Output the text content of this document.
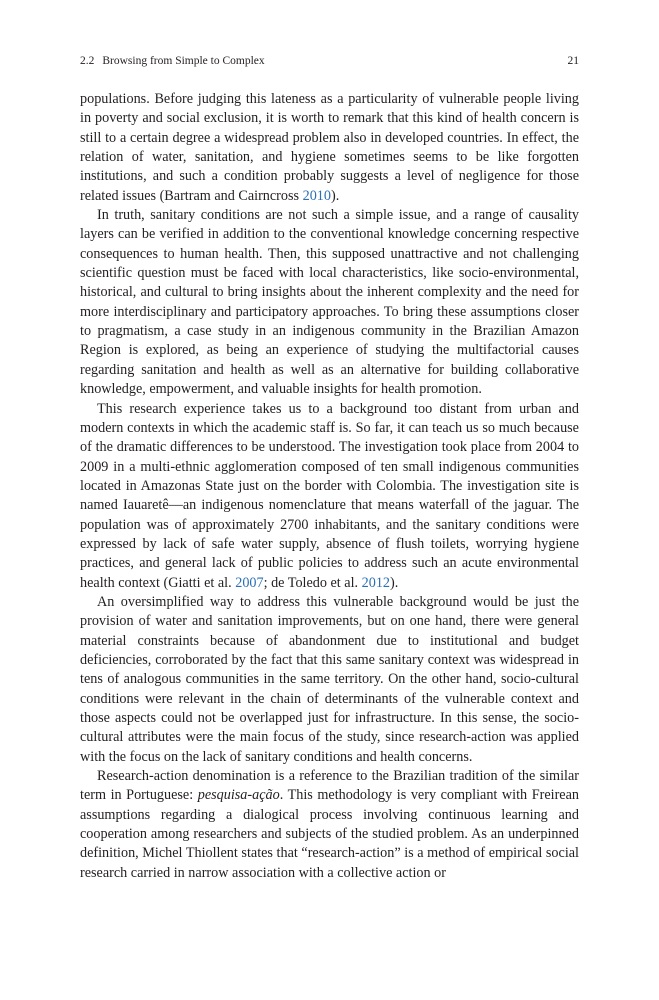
2.2 Browsing from Simple to Complex	21

populations. Before judging this lateness as a particularity of vulnerable people living in poverty and social exclusion, it is worth to remark that this kind of health concern is still to a certain degree a widespread problem also in developed countries. In effect, the relation of water, sanitation, and hygiene sometimes seems to be like forgotten institutions, and such a condition probably suggests a level of negligence for those related issues (Bartram and Cairncross 2010).

In truth, sanitary conditions are not such a simple issue, and a range of causality layers can be verified in addition to the conventional knowledge concerning respective consequences to human health. Then, this supposed unattractive and not challenging scientific question must be faced with local characteristics, like socio-environmental, historical, and cultural to bring insights about the inherent complexity and the need for more interdisciplinary and participatory approaches. To bring these assumptions closer to pragmatism, a case study in an indigenous community in the Brazilian Amazon Region is explored, as being an experience of studying the multifactorial causes regarding sanitation and health as well as an alternative for building collaborative knowledge, empowerment, and valuable insights for health promotion.

This research experience takes us to a background too distant from urban and modern contexts in which the academic staff is. So far, it can teach us so much because of the dramatic differences to be understood. The investigation took place from 2004 to 2009 in a multi-ethnic agglomeration composed of ten small indigenous communities located in Amazonas State just on the border with Colombia. The investigation site is named Iauaretê—an indigenous nomenclature that means waterfall of the jaguar. The population was of approximately 2700 inhabitants, and the sanitary conditions were expressed by lack of safe water supply, absence of flush toilets, worrying hygiene practices, and general lack of public policies to address such an acute environmental health context (Giatti et al. 2007; de Toledo et al. 2012).

An oversimplified way to address this vulnerable background would be just the provision of water and sanitation improvements, but on one hand, there were general material constraints because of abandonment due to institutional and budget deficiencies, corroborated by the fact that this same sanitary context was widespread in tens of analogous communities in the same territory. On the other hand, socio-cultural conditions were relevant in the chain of determinants of the vulnerable context and those aspects could not be overlapped just for infrastructure. In this sense, the socio-cultural attributes were the main focus of the study, since research-action was applied with the focus on the lack of sanitary conditions and health concerns.

Research-action denomination is a reference to the Brazilian tradition of the similar term in Portuguese: pesquisa-ação. This methodology is very compliant with Freirean assumptions regarding a dialogical process involving continuous learning and cooperation among researchers and subjects of the studied problem. As an underpinned definition, Michel Thiollent states that “research-action” is a method of empirical social research carried in narrow association with a collective action or
